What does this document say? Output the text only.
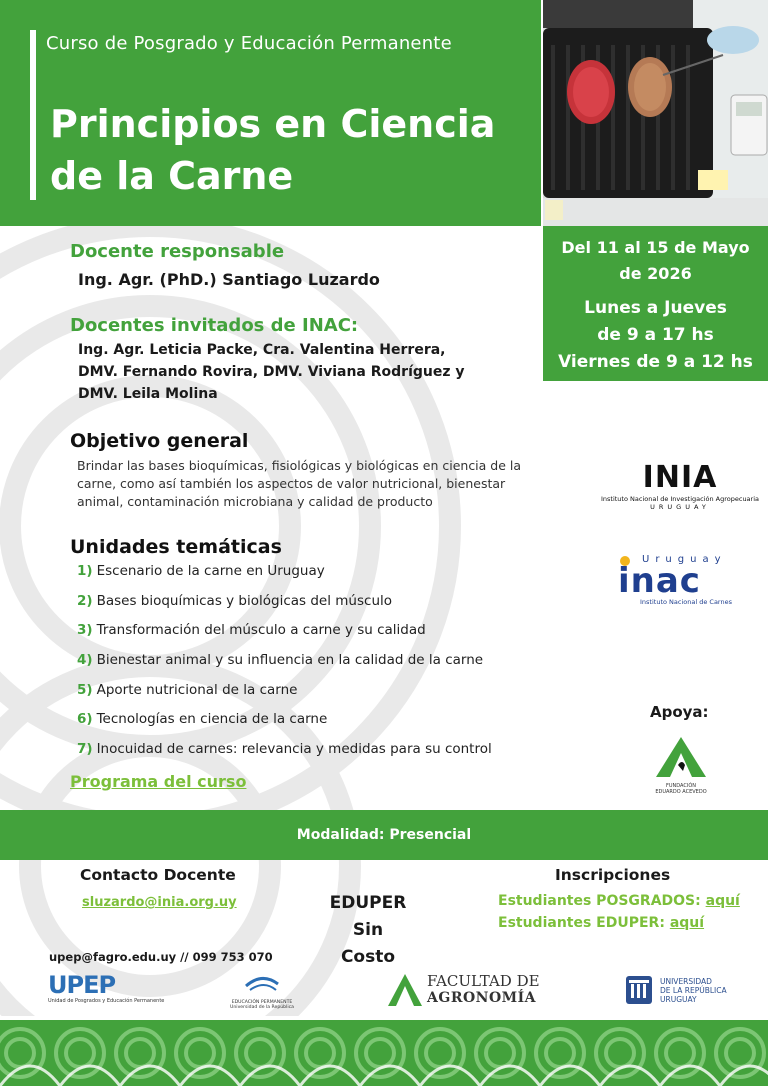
Curso de Posgrado y Educación Permanente
Principios en Ciencia
de la Carne
Del 11 al 15 de Mayo
de 2026
Lunes a Jueves
de 9 a 17 hs
Viernes de 9 a 12 hs
Docente responsable
Ing. Agr. (PhD.) Santiago Luzardo
Docentes invitados de INAC:
Ing. Agr. Leticia Packe, Cra. Valentina Herrera,
DMV. Fernando Rovira, DMV. Viviana Rodríguez y
DMV. Leila Molina
Objetivo general
Brindar las bases bioquímicas, fisiológicas y biológicas en ciencia de la
carne, como así también los aspectos de valor nutricional, bienestar
animal, contaminación microbiana y calidad de producto
Unidades temáticas
1) Escenario de la carne en Uruguay
2) Bases bioquímicas y biológicas del músculo
3) Transformación del músculo a carne y su calidad
4) Bienestar animal y su influencia en la calidad de la carne
5) Aporte nutricional de la carne
6) Tecnologías en ciencia de la carne
7) Inocuidad de carnes: relevancia y medidas para su control
Programa del curso
INIA
Instituto Nacional de Investigación Agropecuaria
URUGUAY
Uruguay
inac
Instituto Nacional de Carnes
Apoya:
FUNDACIÓN
EDUARDO ACEVEDO
Modalidad: Presencial
Contacto Docente
sluzardo@inia.org.uy	EDUPER
Sin Costo
Inscripciones
Estudiantes POSGRADOS: aquí
Estudiantes EDUPER: aquí
upep@fagro.edu.uy // 099 753 070
UPEP
Unidad de Posgrados y Educación Permanente	EDUCACIÓN PERMANENTE
Universidad de la República
FACULTAD DE
AGRONOMÍA
UNIVERSIDAD
DE LA REPÚBLICA
URUGUAY
